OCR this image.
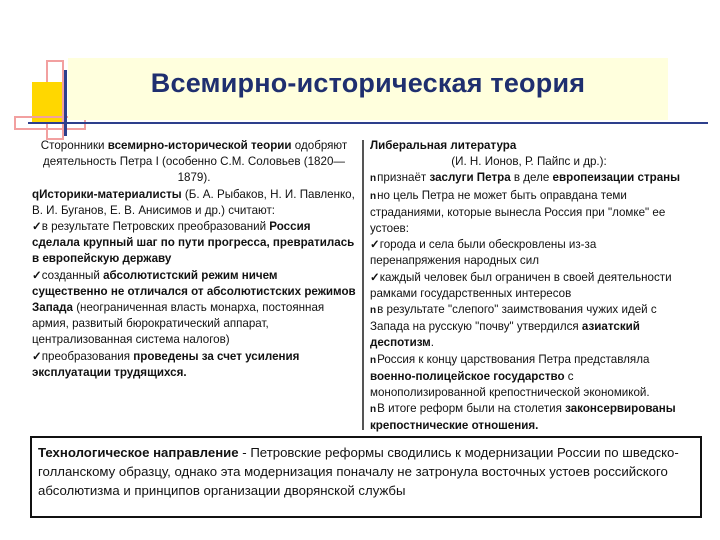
Всемирно-историческая теория
Сторонники всемирно-исторической теории одобряют деятельность Петра I (особенно С.М. Соловьев (1820—1879).
qИсторики-материалисты (Б. А. Рыбаков, Н. И. Павленко, В. И. Буганов, Е. В. Анисимов и др.) считают:
✓в результате Петровских преобразований Россия сделала крупный шаг по пути прогресса, превратилась в европейскую державу
✓созданный абсолютистский режим ничем существенно не отличался от абсолютистских режимов Запада (неограниченная власть монарха, постоянная армия, развитый бюрократический аппарат, централизованная система налогов)
✓преобразования проведены за счет усиления эксплуатации трудящихся.
Либеральная литература
(И. Н. Ионов, Р. Пайпс и др.):
nпризнаёт заслуги Петра в деле европеизации страны
nно цель Петра не может быть оправдана теми страданиями, которые вынесла Россия при "ломке" ее устоев:
✓города и села были обескровлены из-за перенапряжения народных сил
✓каждый человек был ограничен в своей деятельности рамками государственных интересов
nв результате "слепого" заимствования чужих идей с Запада на русскую "почву" утвердился азиатский деспотизм.
nРоссия к концу царствования Петра представляла военно-полицейское государство с монополизированной крепостнической экономикой.
nВ итоге реформ были на столетия законсервированы крепостнические отношения.
Технологическое направление - Петровские реформы сводились к модернизации России по шведско-голланскому образцу, однако эта модернизация поначалу не затронула восточных устоев российского абсолютизма и принципов организации дворянской службы
